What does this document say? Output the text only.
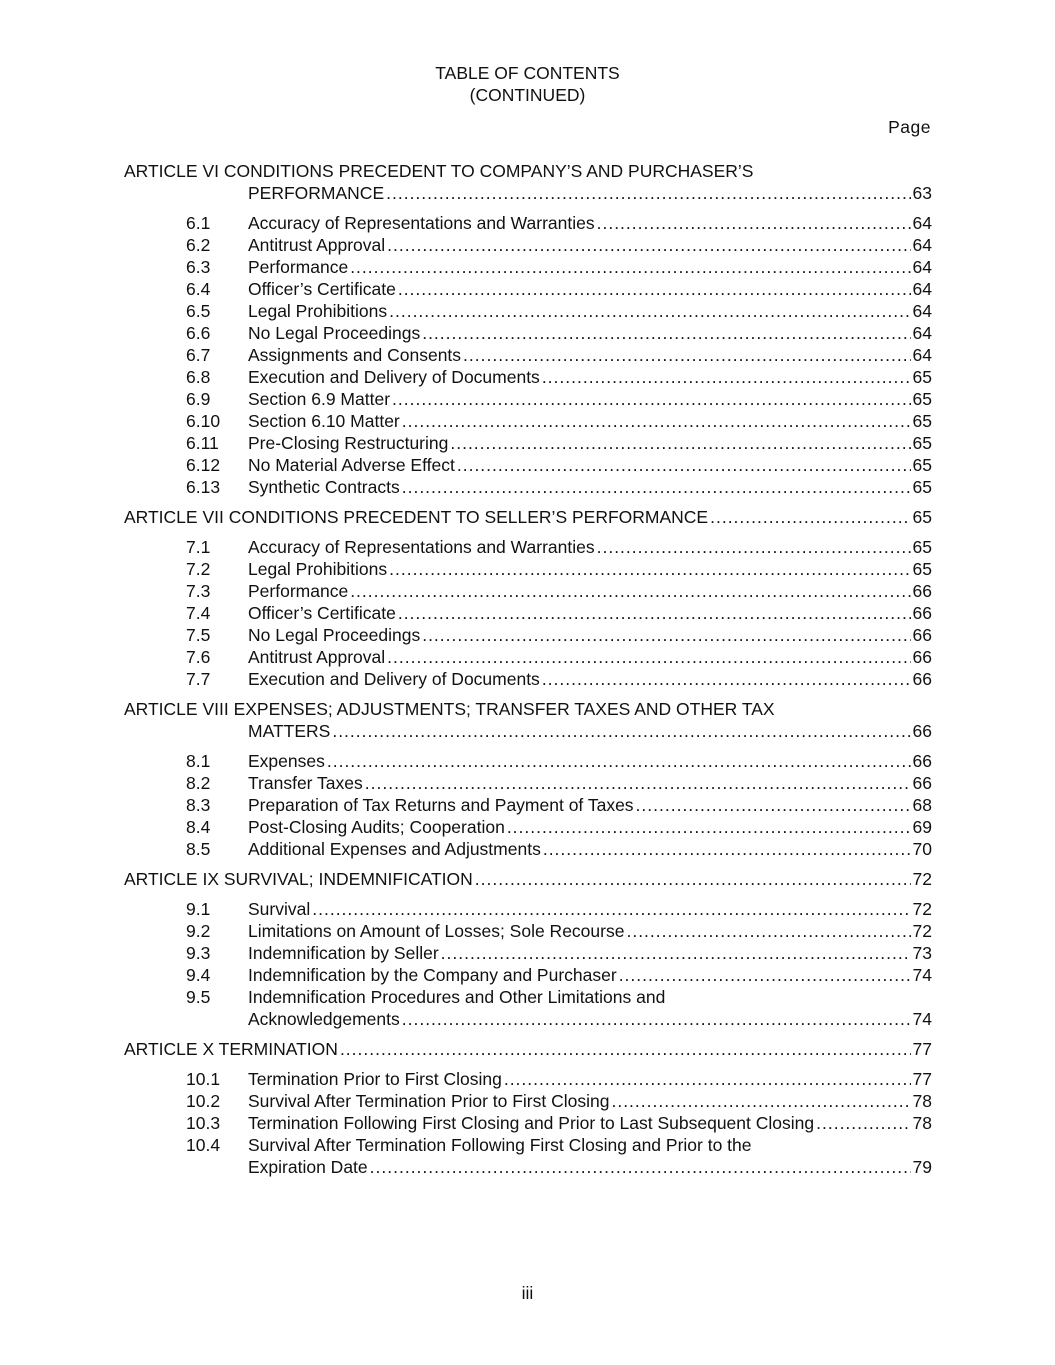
TABLE OF CONTENTS
(CONTINUED)
Page
ARTICLE VI CONDITIONS PRECEDENT TO COMPANY’S AND PURCHASER’S
PERFORMANCE .....	63
6.1	Accuracy of Representations and Warranties .....	64
6.2	Antitrust Approval .....	64
6.3	Performance .....	64
6.4	Officer’s Certificate .....	64
6.5	Legal Prohibitions .....	64
6.6	No Legal Proceedings .....	64
6.7	Assignments and Consents .....	64
6.8	Execution and Delivery of Documents .....	65
6.9	Section 6.9 Matter .....	65
6.10	Section 6.10 Matter .....	65
6.11	Pre-Closing Restructuring .....	65
6.12	No Material Adverse Effect .....	65
6.13	Synthetic Contracts .....	65
ARTICLE VII CONDITIONS PRECEDENT TO SELLER’S PERFORMANCE .....	65
7.1	Accuracy of Representations and Warranties .....	65
7.2	Legal Prohibitions .....	65
7.3	Performance .....	66
7.4	Officer’s Certificate .....	66
7.5	No Legal Proceedings .....	66
7.6	Antitrust Approval .....	66
7.7	Execution and Delivery of Documents .....	66
ARTICLE VIII EXPENSES; ADJUSTMENTS; TRANSFER TAXES AND OTHER TAX
MATTERS .....	66
8.1	Expenses .....	66
8.2	Transfer Taxes .....	66
8.3	Preparation of Tax Returns and Payment of Taxes .....	68
8.4	Post-Closing Audits; Cooperation .....	69
8.5	Additional Expenses and Adjustments .....	70
ARTICLE IX SURVIVAL; INDEMNIFICATION .....	72
9.1	Survival .....	72
9.2	Limitations on Amount of Losses; Sole Recourse .....	72
9.3	Indemnification by Seller .....	73
9.4	Indemnification by the Company and Purchaser .....	74
9.5	Indemnification Procedures and Other Limitations and
Acknowledgements .....	74
ARTICLE X TERMINATION .....	77
10.1	Termination Prior to First Closing .....	77
10.2	Survival After Termination Prior to First Closing .....	78
10.3	Termination Following First Closing and Prior to Last Subsequent Closing .....	78
10.4	Survival After Termination Following First Closing and Prior to the
Expiration Date .....	79
iii
